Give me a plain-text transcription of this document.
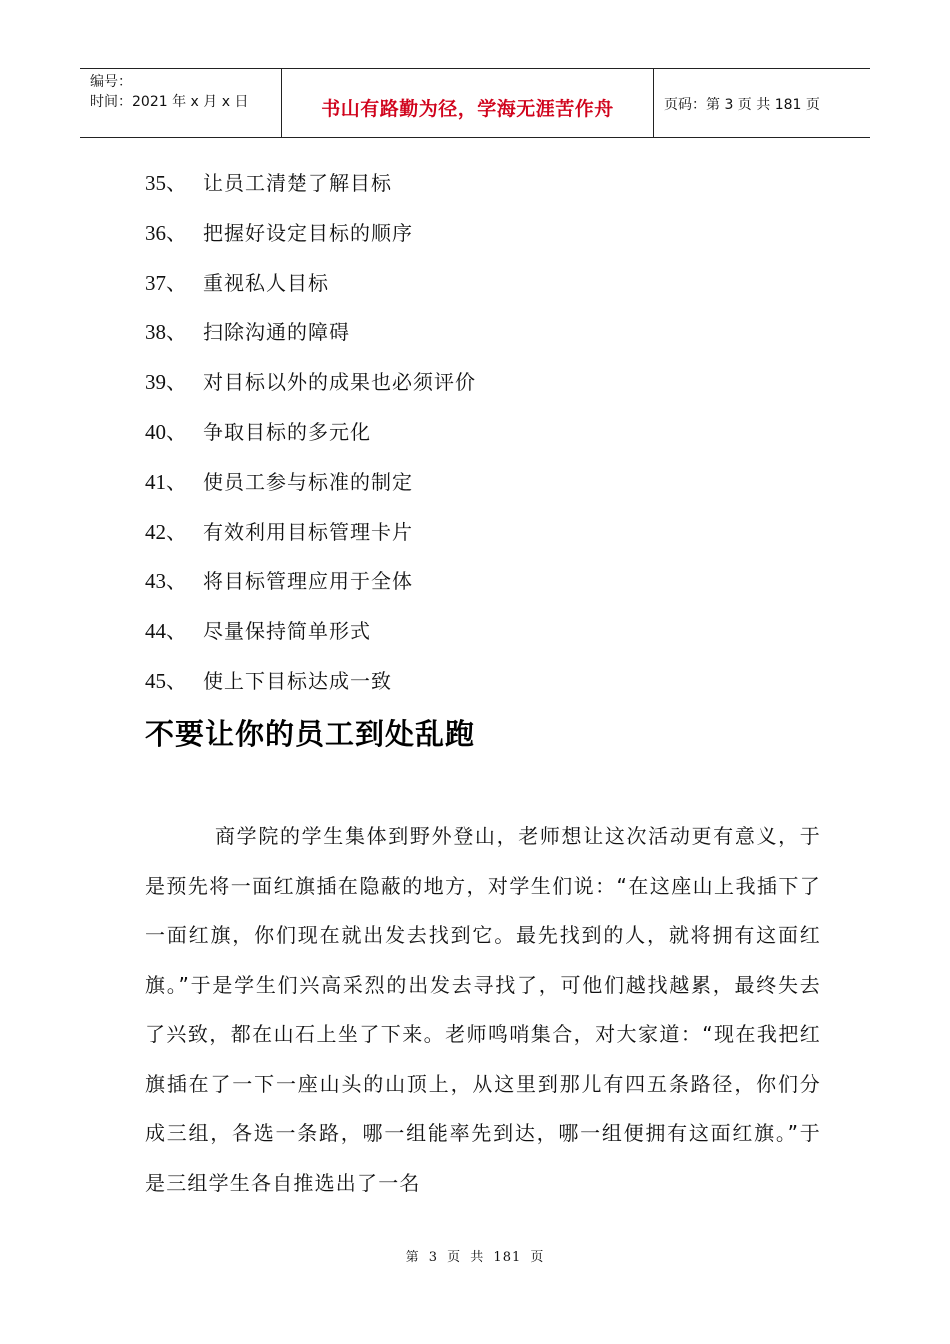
编号：
时间：2021 年 x 月 x 日	书山有路勤为径，学海无涯苦作舟	页码：第 3 页 共 181 页
35、 让员工清楚了解目标
36、 把握好设定目标的顺序
37、 重视私人目标
38、 扫除沟通的障碍
39、 对目标以外的成果也必须评价
40、 争取目标的多元化
41、 使员工参与标准的制定
42、 有效利用目标管理卡片
43、 将目标管理应用于全体
44、 尽量保持简单形式
45、 使上下目标达成一致
不要让你的员工到处乱跑

商学院的学生集体到野外登山，老师想让这次活动更有意义，于是预先将一面红旗插在隐蔽的地方，对学生们说：“在这座山上我插下了一面红旗，你们现在就出发去找到它。最先找到的人，就将拥有这面红旗。”于是学生们兴高采烈的出发去寻找了，可他们越找越累，最终失去了兴致，都在山石上坐了下来。老师鸣哨集合，对大家道：“现在我把红旗插在了一下一座山头的山顶上，从这里到那儿有四五条路径，你们分成三组，各选一条路，哪一组能率先到达，哪一组便拥有这面红旗。”于是三组学生各自推选出了一名

第 3 页 共 181 页
